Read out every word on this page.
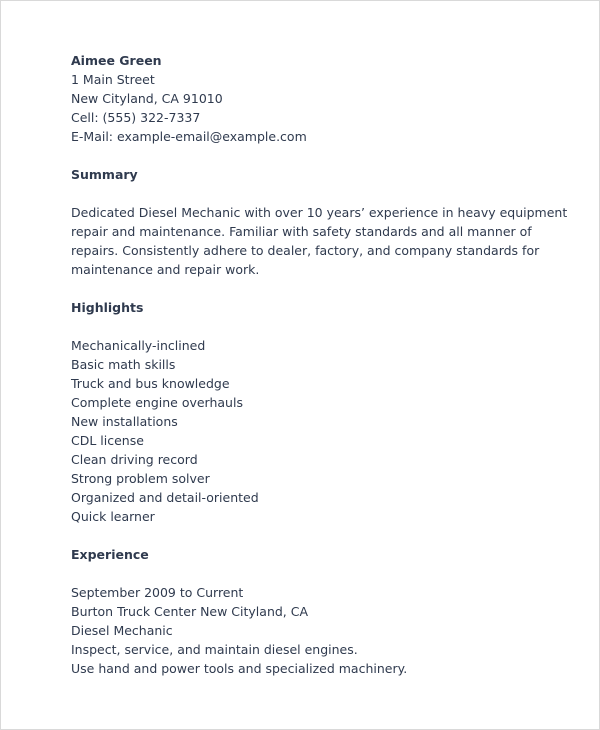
Aimee Green
1 Main Street
New Cityland, CA 91010
Cell: (555) 322-7337
E-Mail: example-email@example.com
Summary
Dedicated Diesel Mechanic with over 10 years’ experience in heavy equipment
repair and maintenance. Familiar with safety standards and all manner of
repairs. Consistently adhere to dealer, factory, and company standards for
maintenance and repair work.
Highlights
Mechanically-inclined
Basic math skills
Truck and bus knowledge
Complete engine overhauls
New installations
CDL license
Clean driving record
Strong problem solver
Organized and detail-oriented
Quick learner
Experience
September 2009 to Current
Burton Truck Center New Cityland, CA
Diesel Mechanic
Inspect, service, and maintain diesel engines.
Use hand and power tools and specialized machinery.
